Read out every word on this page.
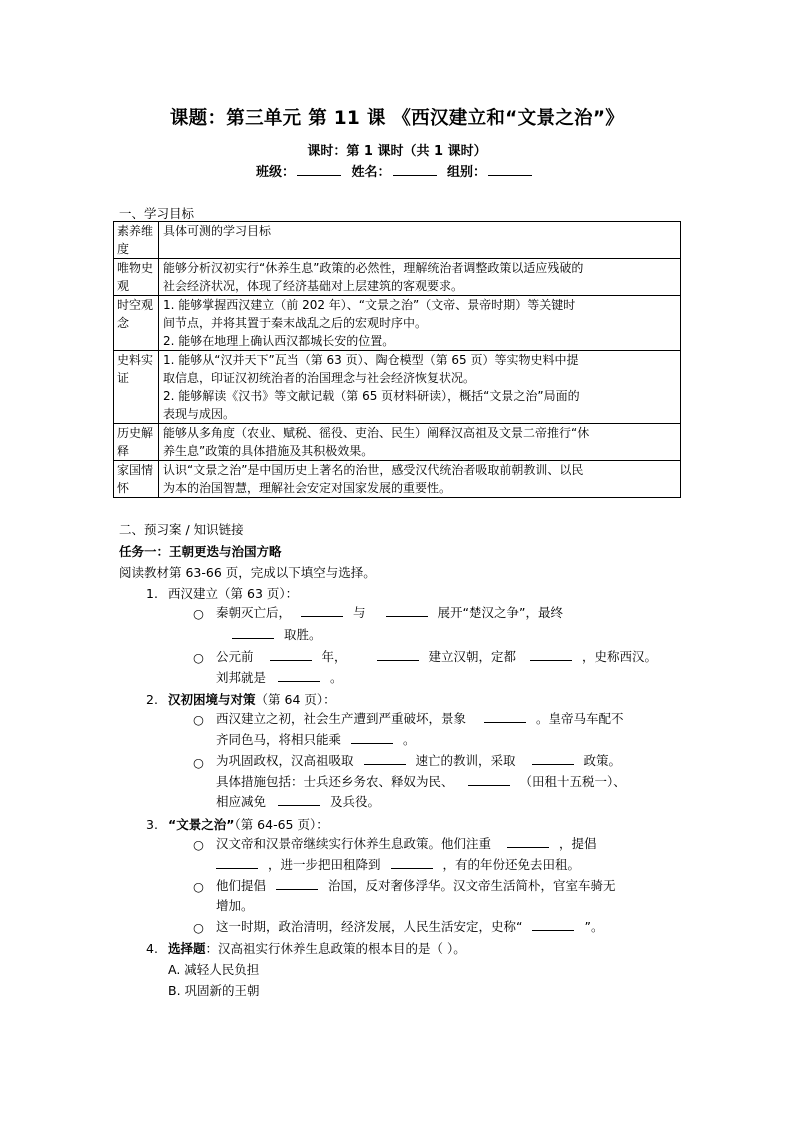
课题：第三单元 第 11 课 《西汉建立和“文景之治”》
课时：第 1 课时（共 1 课时）
班级：	姓名：	组别：
一、学习目标
素养维度	具体可测的学习目标
唯物史观	能够分析汉初实行“休养生息”政策的必然性，理解统治者调整政策以适应残破的
社会经济状况，体现了经济基础对上层建筑的客观要求。

时空观念	1. 能够掌握西汉建立（前 202 年）、“文景之治”（文帝、景帝时期）等关键时
间节点，并将其置于秦末战乱之后的宏观时序中。
2. 能够在地理上确认西汉都城长安的位置。

史料实证	1. 能够从“汉并天下”瓦当（第 63 页）、陶仓模型（第 65 页）等实物史料中提
取信息，印证汉初统治者的治国理念与社会经济恢复状况。
2. 能够解读《汉书》等文献记载（第 65 页材料研读），概括“文景之治”局面的
表现与成因。

历史解释	能够从多角度（农业、赋税、徭役、吏治、民生）阐释汉高祖及文景二帝推行“休
养生息”政策的具体措施及其积极效果。

家国情怀	认识“文景之治”是中国历史上著名的治世，感受汉代统治者吸取前朝教训、以民
为本的治国智慧，理解社会安定对国家发展的重要性。
二、预习案 / 知识链接
任务一：王朝更迭与治国方略
阅读教材第 63-66 页，完成以下填空与选择。
1. 西汉建立（第 63 页）：
○ 秦朝灭亡后，	与	展开“楚汉之争”，最终
取胜。
○ 公元前	年，	建立汉朝，定都	，史称西汉。
刘邦就是	。
2. 汉初困境与对策（第 64 页）：
○ 西汉建立之初，社会生产遭到严重破坏，景象	。皇帝马车配不
齐同色马，将相只能乘	。
○ 为巩固政权，汉高祖吸取	速亡的教训，采取	政策。
具体措施包括：士兵还乡务农、释奴为民、	（田租十五税一）、
相应减免	及兵役。
3. “文景之治”（第 64-65 页）：
○ 汉文帝和汉景帝继续实行休养生息政策。他们注重	，提倡
，进一步把田租降到	，有的年份还免去田租。
○ 他们提倡	治国，反对奢侈浮华。汉文帝生活简朴，官室车骑无
增加。
○ 这一时期，政治清明，经济发展，人民生活安定，史称“	”。
4. 选择题：汉高祖实行休养生息政策的根本目的是（ ）。
A. 减轻人民负担
B. 巩固新的王朝
